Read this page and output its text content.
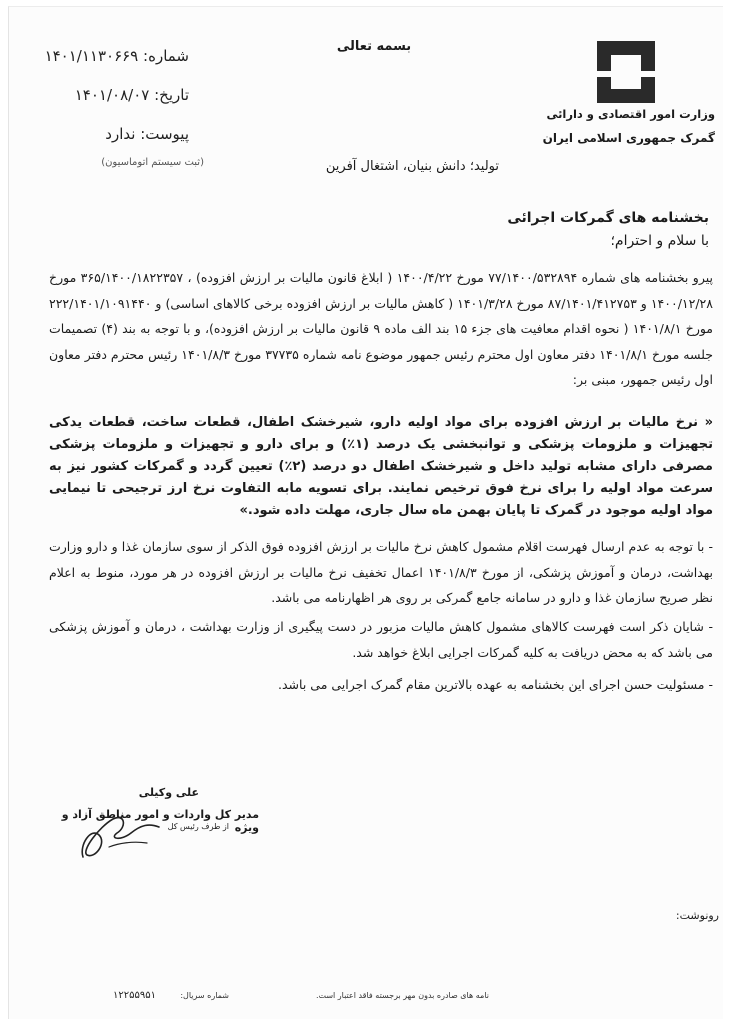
بسمه تعالی
شماره: ۱۴۰۱/۱۱۳۰۶۶۹
تاریخ: ۱۴۰۱/۰۸/۰۷
پیوست: ندارد
(ثبت سیستم اتوماسیون)
وزارت امور اقتصادی و دارائی
گمرک جمهوری اسلامی ایران
تولید؛ دانش بنیان، اشتغال آفرین
بخشنامه های گمرکات اجرائی
با سلام و احترام؛
پیرو بخشنامه های شماره ۷۷/۱۴۰۰/۵۳۲۸۹۴ مورخ ۱۴۰۰/۴/۲۲ ( ابلاغ قانون مالیات بر ارزش افزوده) ، ۳۶۵/۱۴۰۰/۱۸۲۲۳۵۷ مورخ ۱۴۰۰/۱۲/۲۸ و ۸۷/۱۴۰۱/۴۱۲۷۵۳ مورخ ۱۴۰۱/۳/۲۸ ( کاهش مالیات بر ارزش افزوده برخی کالاهای اساسی) و ۲۲۲/۱۴۰۱/۱۰۹۱۴۴۰ مورخ ۱۴۰۱/۸/۱ ( نحوه اقدام معافیت های جزء ۱۵ بند الف ماده ۹ قانون مالیات بر ارزش افزوده)، و با توجه به بند (۴) تصمیمات جلسه مورخ ۱۴۰۱/۸/۱ دفتر معاون اول محترم رئیس جمهور موضوع نامه شماره ۳۷۷۳۵ مورخ ۱۴۰۱/۸/۳ رئیس محترم دفتر معاون اول رئیس جمهور، مبنی بر:
« نرخ مالیات بر ارزش افزوده برای مواد اولیه دارو، شیرخشک اطفال، قطعات ساخت، قطعات یدکی تجهیزات و ملزومات پزشکی و توانبخشی یک درصد (۱٪) و برای دارو و تجهیزات و ملزومات پزشکی مصرفی دارای مشابه تولید داخل و شیرخشک اطفال دو درصد (۲٪) تعیین گردد و گمرکات کشور نیز به سرعت مواد اولیه را برای نرخ فوق ترخیص نمایند. برای تسویه مابه التفاوت نرخ ارز ترجیحی تا نیمایی مواد اولیه موجود در گمرک تا پایان بهمن ماه سال جاری، مهلت داده شود.»
- با توجه به عدم ارسال فهرست اقلام مشمول کاهش نرخ مالیات بر ارزش افزوده فوق الذکر از سوی سازمان غذا و دارو وزارت بهداشت، درمان و آموزش پزشکی، از مورخ ۱۴۰۱/۸/۳ اعمال تخفیف نرخ مالیات بر ارزش افزوده در هر مورد، منوط به اعلام نظر صریح سازمان غذا و دارو در سامانه جامع گمرکی بر روی هر اظهارنامه می باشد.
- شایان ذکر است فهرست کالاهای مشمول کاهش مالیات مزبور در دست پیگیری از وزارت بهداشت ، درمان و آموزش پزشکی می باشد که به محض دریافت به کلیه گمرکات اجرایی ابلاغ خواهد شد.
- مسئولیت حسن اجرای این بخشنامه به عهده بالاترین مقام گمرک اجرایی می باشد.
علی وکیلی
مدیر کل واردات و امور مناطق آزاد و ویژه
از طرف رئیس کل
رونوشت:
نامه های صادره بدون مهر برجسته فاقد اعتبار است.
شماره سریال:
۱۲۲۵۵۹۵۱
